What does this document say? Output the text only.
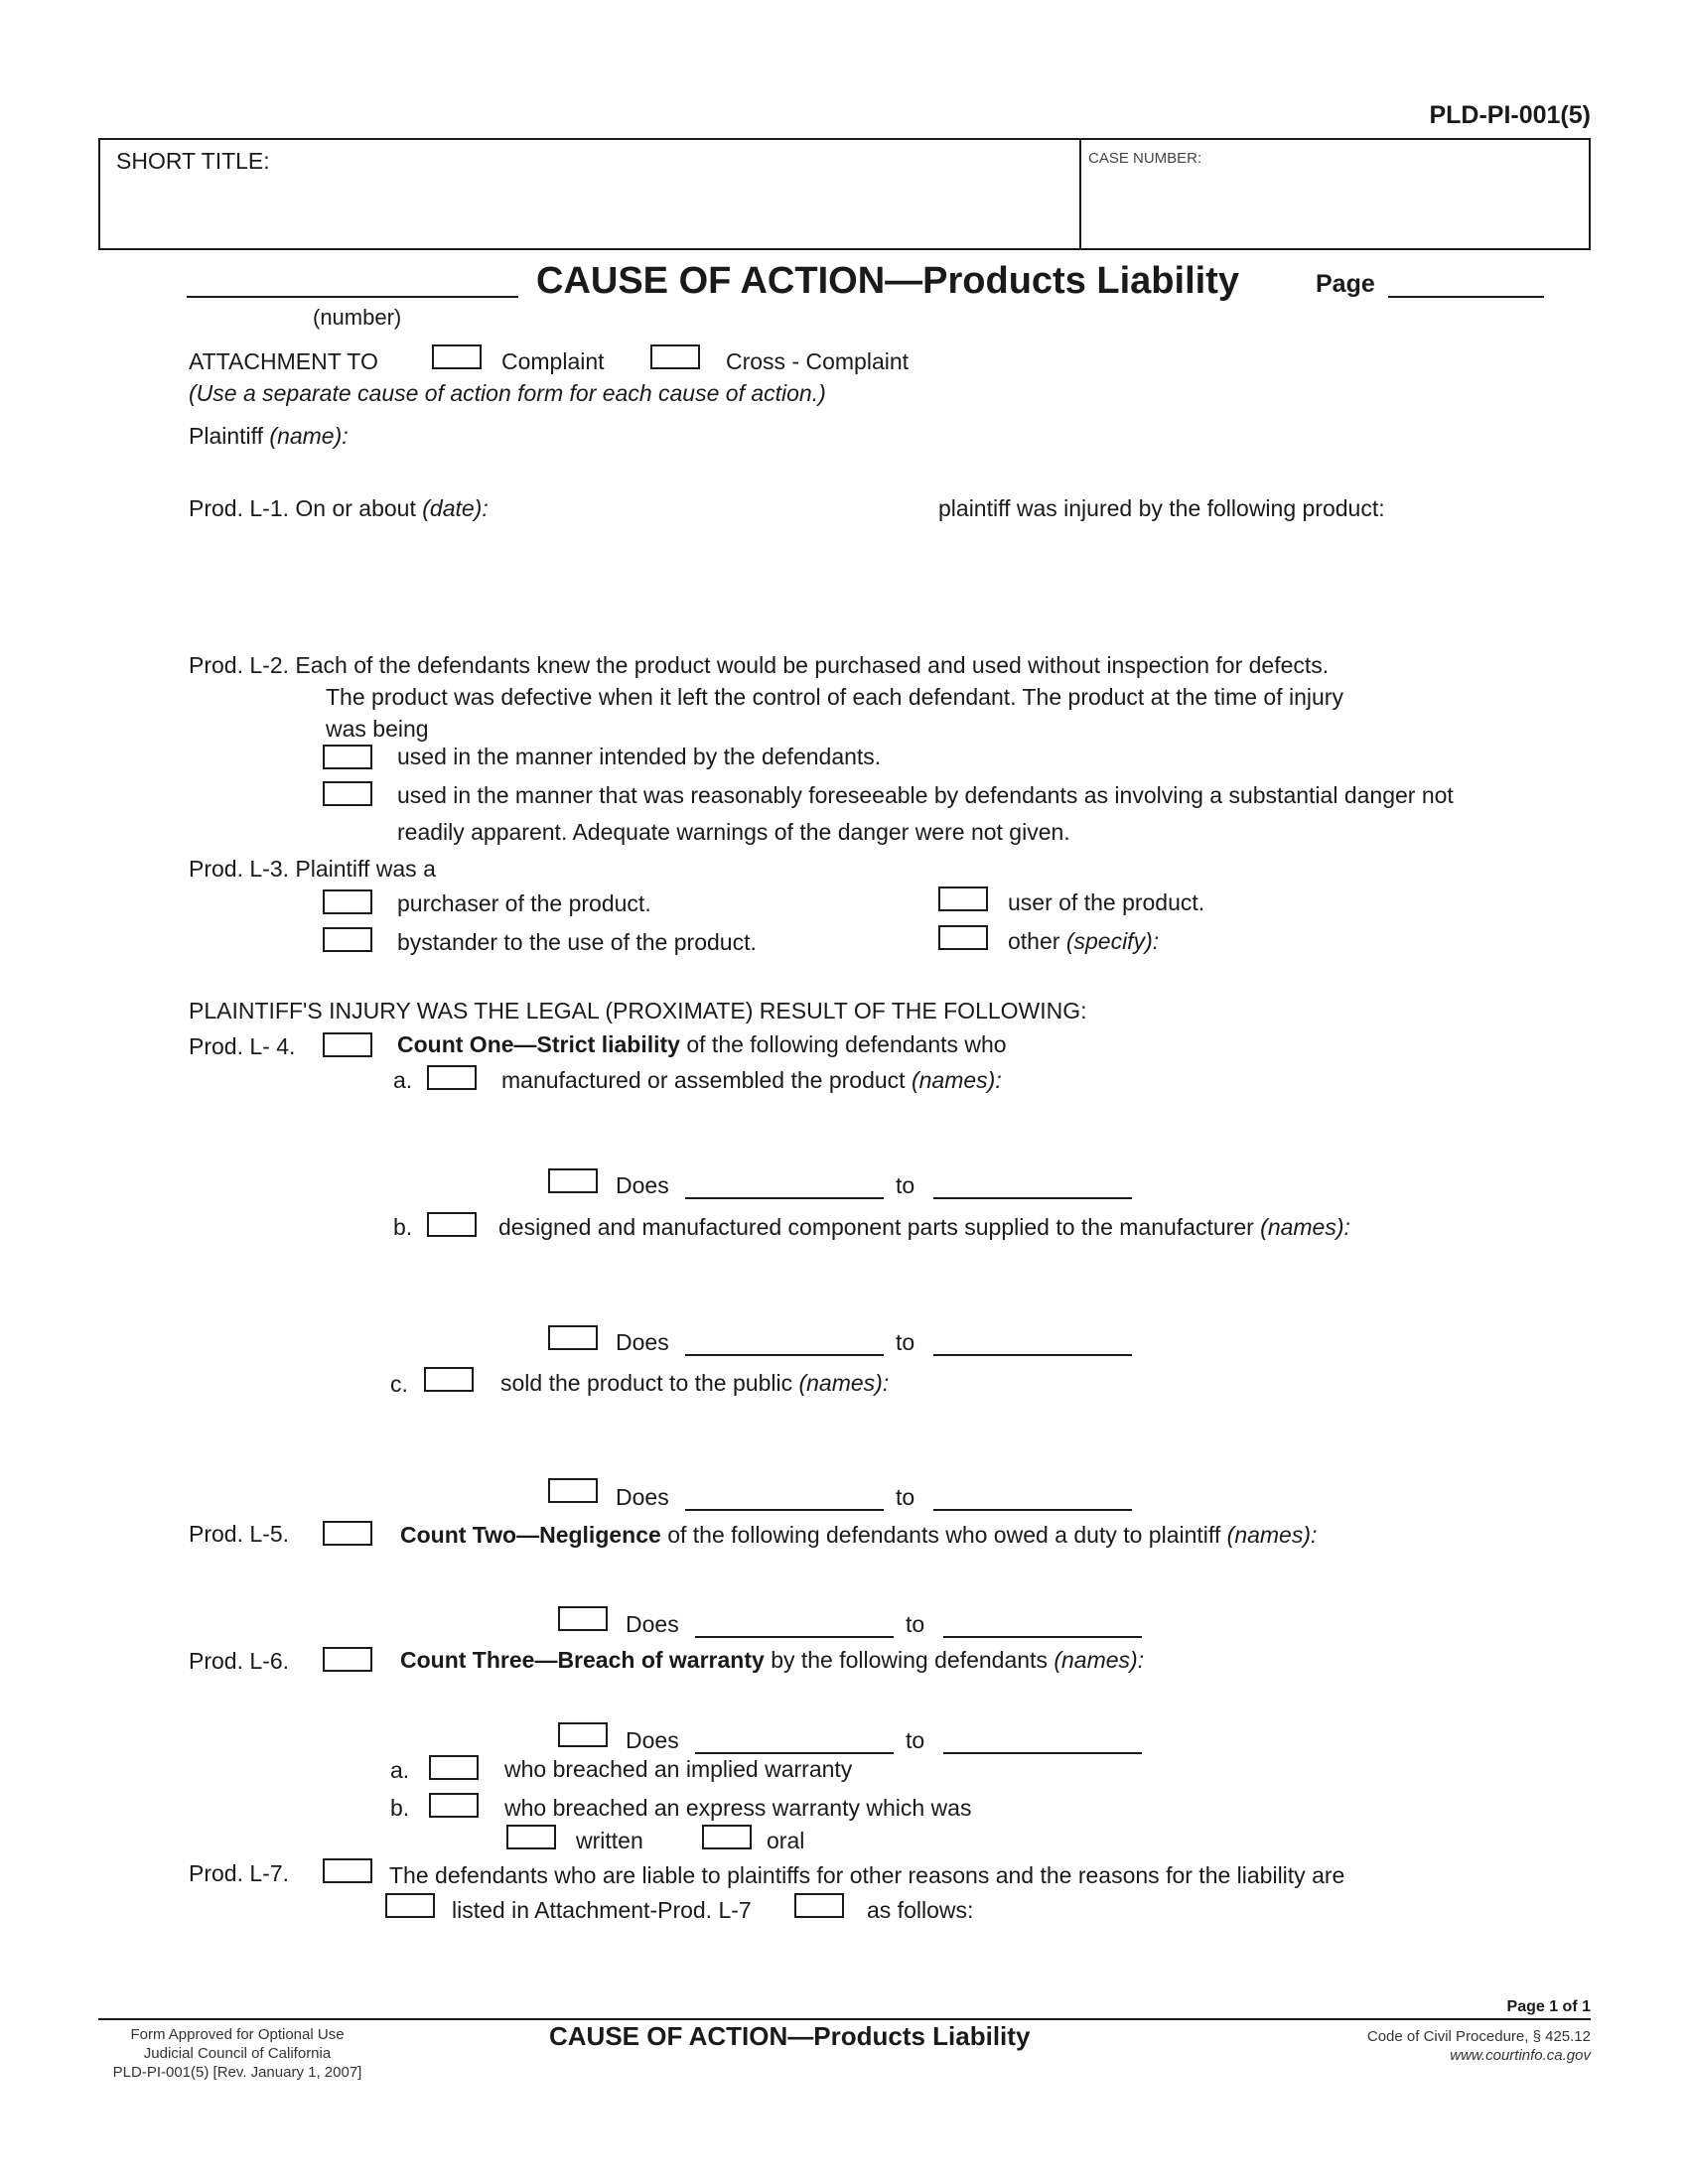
PLD-PI-001(5)
SHORT TITLE:	CASE NUMBER:
(number)
CAUSE OF ACTION—Products Liability	Page
ATTACHMENT TO	Complaint	Cross - Complaint
(Use a separate cause of action form for each cause of action.)
Plaintiff (name):
Prod. L-1. On or about (date):	plaintiff was injured by the following product:
Prod. L-2. Each of the defendants knew the product would be purchased and used without inspection for defects.
The product was defective when it left the control of each defendant. The product at the time of injury
was being
used in the manner intended by the defendants.
used in the manner that was reasonably foreseeable by defendants as involving a substantial danger not
readily apparent. Adequate warnings of the danger were not given.
Prod. L-3. Plaintiff was a
purchaser of the product.	user of the product.
bystander to the use of the product.	other (specify):
PLAINTIFF'S INJURY WAS THE LEGAL (PROXIMATE) RESULT OF THE FOLLOWING:
Prod. L- 4.	Count One—Strict liability of the following defendants who
a.	manufactured or assembled the product (names):
Does	to
b.	designed and manufactured component parts supplied to the manufacturer (names):
Does	to
c.	sold the product to the public (names):
Does	to
Prod. L-5.	Count Two—Negligence of the following defendants who owed a duty to plaintiff (names):
Does	to
Prod. L-6.	Count Three—Breach of warranty by the following defendants (names):
Does	to
a.	who breached an implied warranty
b.	who breached an express warranty which was
written	oral
Prod. L-7.	The defendants who are liable to plaintiffs for other reasons and the reasons for the liability are
listed in Attachment-Prod. L-7	as follows:
Page 1 of 1
Form Approved for Optional Use
Judicial Council of California
PLD-PI-001(5) [Rev. January 1, 2007]
CAUSE OF ACTION—Products Liability	Code of Civil Procedure, § 425.12
www.courtinfo.ca.gov
